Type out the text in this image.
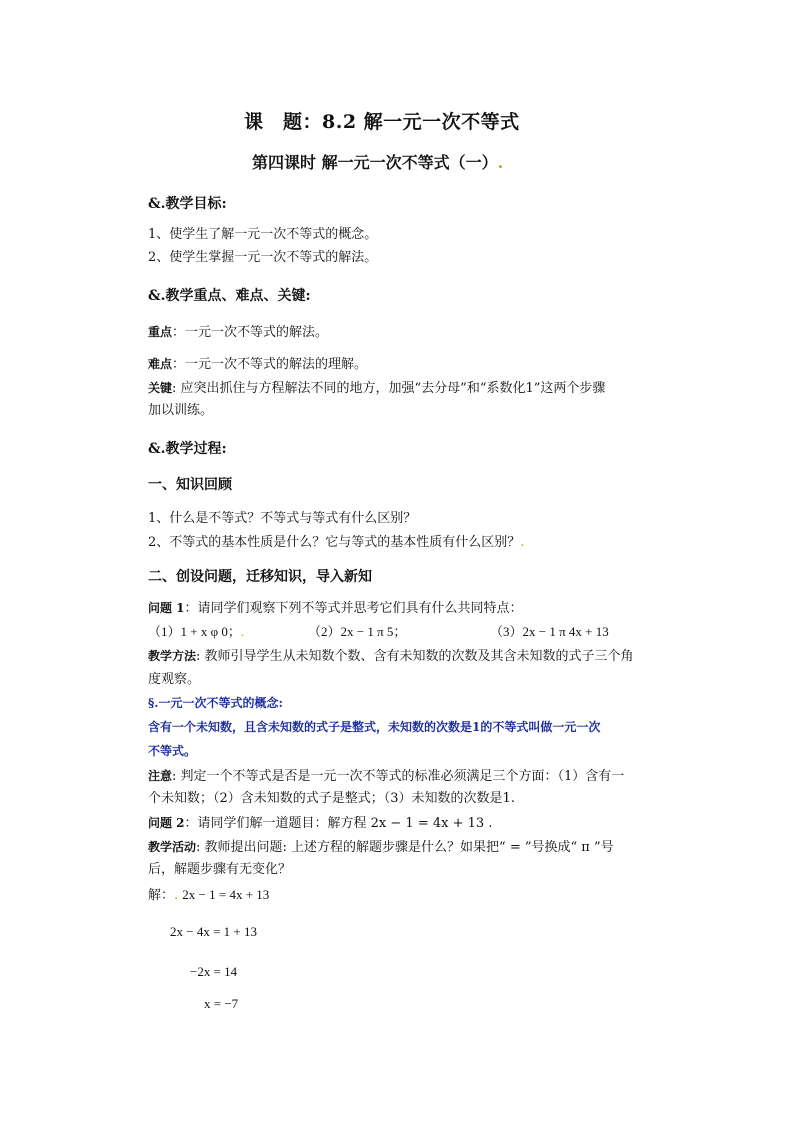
课　题：8.2 解一元一次不等式
第四课时 解一元一次不等式（一）.
&.教学目标:
1、使学生了解一元一次不等式的概念。
2、使学生掌握一元一次不等式的解法。
&.教学重点、难点、关键:
重点：一元一次不等式的解法。
难点：一元一次不等式的解法的理解。
关键: 应突出抓住与方程解法不同的地方，加强“去分母”和“系数化1”这两个步骤
加以训练。
&.教学过程:
一、知识回顾
1、什么是不等式？不等式与等式有什么区别？
2、不等式的基本性质是什么？它与等式的基本性质有什么区别？.
二、创设问题，迁移知识，导入新知
问题 1：请同学们观察下列不等式并思考它们具有什么共同特点：
（1）1 + x φ 0；.	（2）2x − 1 π 5；	（3）2x − 1 π 4x + 13
教学方法: 教师引导学生从未知数个数、含有未知数的次数及其含未知数的式子三个角
度观察。
§.一元一次不等式的概念:
含有一个未知数，且含未知数的式子是整式，未知数的次数是1的不等式叫做一元一次
不等式。
注意: 判定一个不等式是否是一元一次不等式的标准必须满足三个方面：（1）含有一
个未知数；（2）含未知数的式子是整式；（3）未知数的次数是1.
问题 2：请同学们解一道题目：解方程 2x − 1 = 4x + 13 .
教学活动: 教师提出问题: 上述方程的解题步骤是什么？如果把“ = ”号换成“ π ”号
后，解题步骤有无变化？
解：. 2x − 1 = 4x + 13
2x − 4x = 1 + 13
−2x = 14
x = −7
